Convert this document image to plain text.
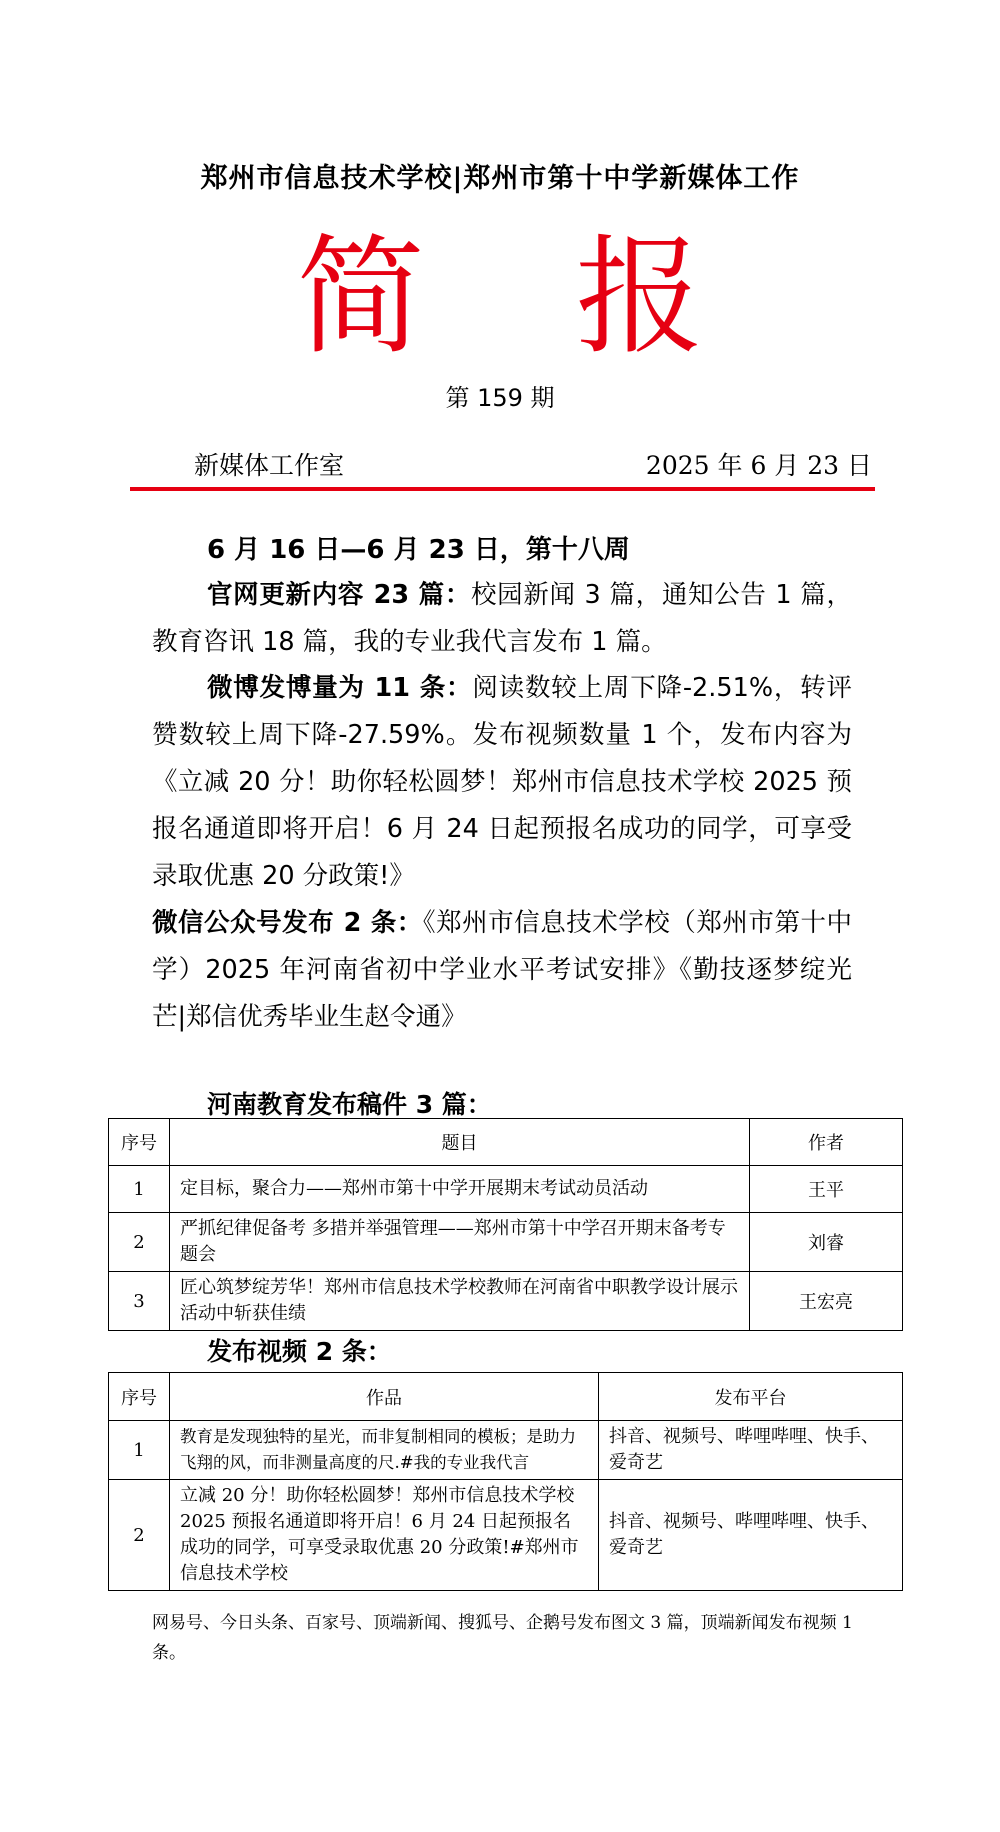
郑州市信息技术学校|郑州市第十中学新媒体工作
简 报
第 159 期
新媒体工作室	2025 年 6 月 23 日
6 月 16 日—6 月 23 日，第十八周
官网更新内容 23 篇：校园新闻 3 篇，通知公告 1 篇，教育咨讯 18 篇，我的专业我代言发布 1 篇。
微博发博量为 11 条：阅读数较上周下降-2.51%，转评赞数较上周下降-27.59%。发布视频数量 1 个，发布内容为《立减 20 分！助你轻松圆梦！郑州市信息技术学校 2025 预报名通道即将开启！6 月 24 日起预报名成功的同学，可享受录取优惠 20 分政策!》
微信公众号发布 2 条：《郑州市信息技术学校（郑州市第十中学）2025 年河南省初中学业水平考试安排》《勤技逐梦绽光芒|郑信优秀毕业生赵令通》
河南教育发布稿件 3 篇：
序号	题目	作者
1	定目标，聚合力——郑州市第十中学开展期末考试动员活动	王平
2	严抓纪律促备考 多措并举强管理——郑州市第十中学召开期末备考专题会	刘睿
3	匠心筑梦绽芳华！郑州市信息技术学校教师在河南省中职教学设计展示活动中斩获佳绩	王宏亮
发布视频 2 条：
序号	作品	发布平台
1	教育是发现独特的星光，而非复制相同的模板；是助力飞翔的风，而非测量高度的尺.#我的专业我代言	抖音、视频号、哔哩哔哩、快手、爱奇艺
2	立减 20 分！助你轻松圆梦！郑州市信息技术学校 2025 预报名通道即将开启！6 月 24 日起预报名成功的同学，可享受录取优惠 20 分政策!#郑州市信息技术学校	抖音、视频号、哔哩哔哩、快手、爱奇艺
网易号、今日头条、百家号、顶端新闻、搜狐号、企鹅号发布图文 3 篇，顶端新闻发布视频 1 条。
